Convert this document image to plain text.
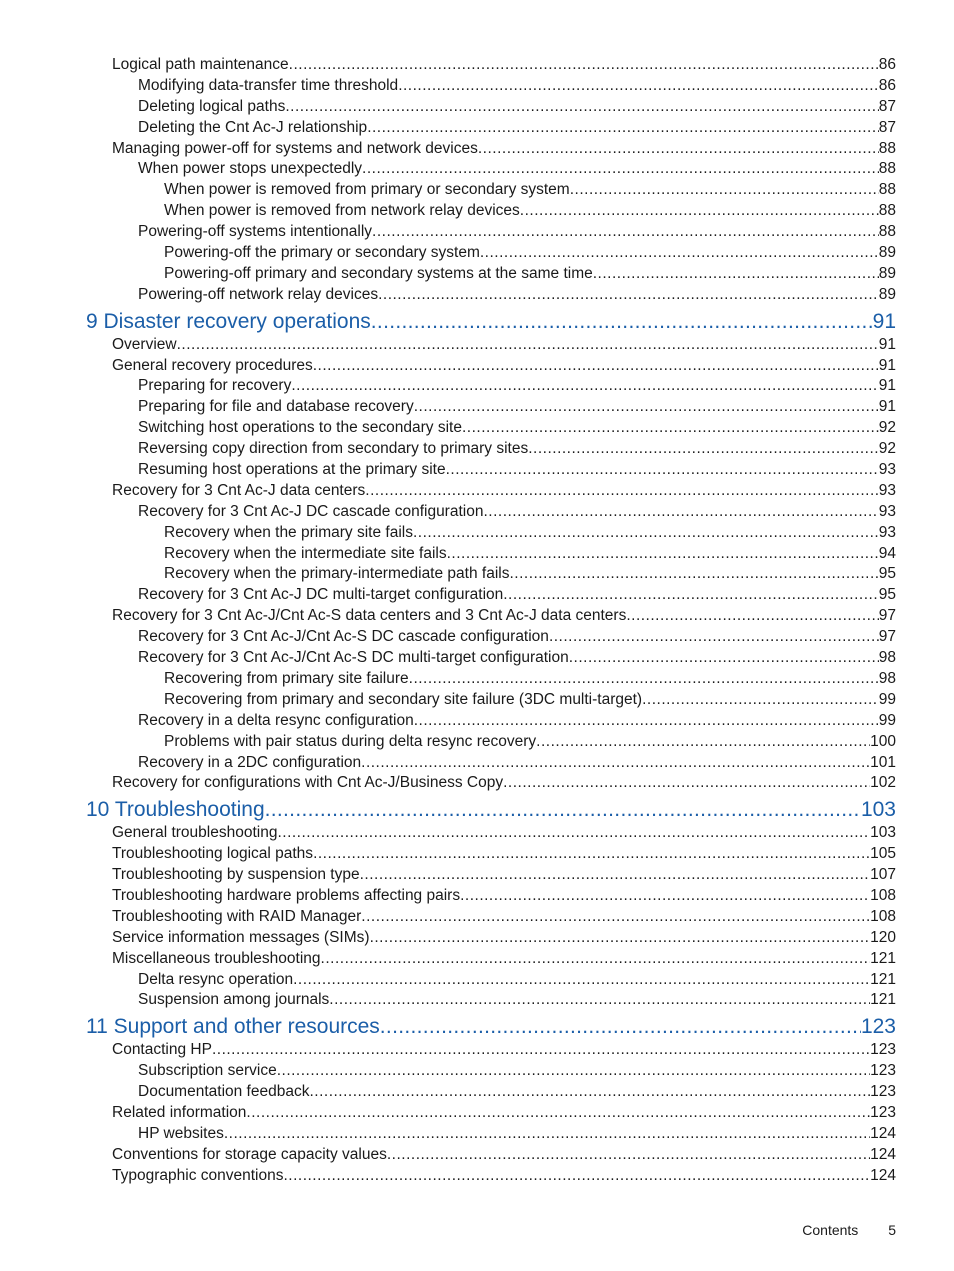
Logical path maintenance .....	86
Modifying data-transfer time threshold .....	86
Deleting logical paths .....	87
Deleting the Cnt Ac-J relationship .....	87
Managing power-off for systems and network devices .....	88
When power stops unexpectedly .....	88
When power is removed from primary or secondary system .....	88
When power is removed from network relay devices .....	88
Powering-off systems intentionally .....	88
Powering-off the primary or secondary system .....	89
Powering-off primary and secondary systems at the same time .....	89
Powering-off network relay devices .....	89
9 Disaster recovery operations .....	91
Overview .....	91
General recovery procedures .....	91
Preparing for recovery .....	91
Preparing for file and database recovery .....	91
Switching host operations to the secondary site .....	92
Reversing copy direction from secondary to primary sites .....	92
Resuming host operations at the primary site .....	93
Recovery for 3 Cnt Ac-J data centers .....	93
Recovery for 3 Cnt Ac-J DC cascade configuration .....	93
Recovery when the primary site fails .....	93
Recovery when the intermediate site fails .....	94
Recovery when the primary-intermediate path fails .....	95
Recovery for 3 Cnt Ac-J DC multi-target configuration .....	95
Recovery for 3 Cnt Ac-J/Cnt Ac-S data centers and 3 Cnt Ac-J data centers .....	97
Recovery for 3 Cnt Ac-J/Cnt Ac-S DC cascade configuration .....	97
Recovery for 3 Cnt Ac-J/Cnt Ac-S DC multi-target configuration .....	98
Recovering from primary site failure .....	98
Recovering from primary and secondary site failure (3DC multi-target) .....	99
Recovery in a delta resync configuration .....	99
Problems with pair status during delta resync recovery .....	100
Recovery in a 2DC configuration .....	101
Recovery for configurations with Cnt Ac-J/Business Copy .....	102
10 Troubleshooting .....	103
General troubleshooting .....	103
Troubleshooting logical paths .....	105
Troubleshooting by suspension type .....	107
Troubleshooting hardware problems affecting pairs .....	108
Troubleshooting with RAID Manager .....	108
Service information messages (SIMs) .....	120
Miscellaneous troubleshooting .....	121
Delta resync operation .....	121
Suspension among journals .....	121
11 Support and other resources .....	123
Contacting HP .....	123
Subscription service .....	123
Documentation feedback .....	123
Related information .....	123
HP websites .....	124
Conventions for storage capacity values .....	124
Typographic conventions .....	124
Contents 5
